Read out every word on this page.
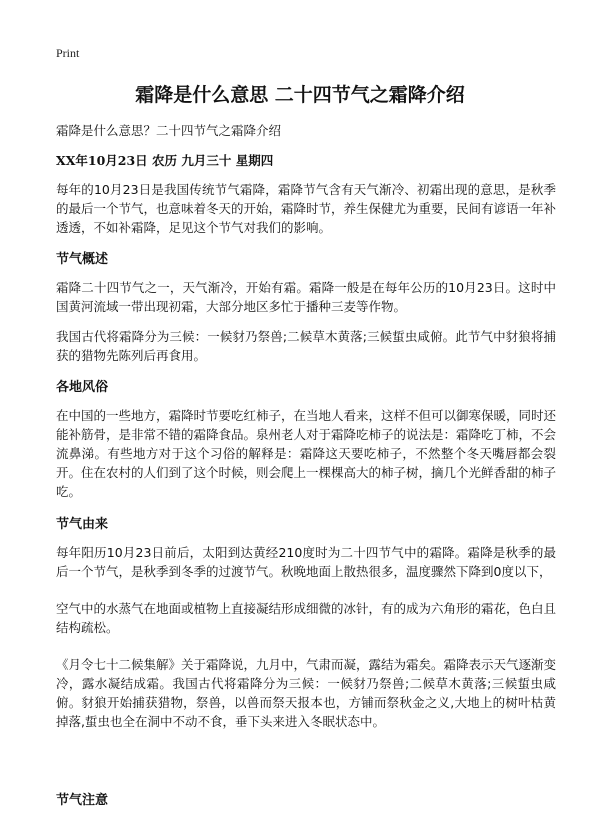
Print
霜降是什么意思 二十四节气之霜降介绍
霜降是什么意思？二十四节气之霜降介绍
XX年10月23日 农历 九月三十 星期四

每年的10月23日是我国传统节气霜降，霜降节气含有天气渐冷、初霜出现的意思，是秋季的最后一个节气，也意味着冬天的开始，霜降时节，养生保健尤为重要，民间有谚语一年补透透，不如补霜降，足见这个节气对我们的影响。

节气概述

霜降二十四节气之一，天气渐冷，开始有霜。霜降一般是在每年公历的10月23日。这时中国黄河流域一带出现初霜，大部分地区多忙于播种三麦等作物。

我国古代将霜降分为三候：一候豺乃祭兽;二候草木黄落;三候蜇虫咸俯。此节气中豺狼将捕获的猎物先陈列后再食用。

各地风俗

在中国的一些地方，霜降时节要吃红柿子，在当地人看来，这样不但可以御寒保暖，同时还能补筋骨，是非常不错的霜降食品。泉州老人对于霜降吃柿子的说法是：霜降吃丁柿，不会流鼻涕。有些地方对于这个习俗的解释是：霜降这天要吃柿子，不然整个冬天嘴唇都会裂开。住在农村的人们到了这个时候，则会爬上一棵棵高大的柿子树，摘几个光鲜香甜的柿子吃。

节气由来

每年阳历10月23日前后，太阳到达黄经210度时为二十四节气中的霜降。霜降是秋季的最后一个节气，是秋季到冬季的过渡节气。秋晚地面上散热很多，温度骤然下降到0度以下，

空气中的水蒸气在地面或植物上直接凝结形成细微的冰针，有的成为六角形的霜花，色白且结构疏松。

《月令七十二候集解》关于霜降说，九月中，气肃而凝，露结为霜矣。霜降表示天气逐渐变冷，露水凝结成霜。我国古代将霜降分为三候：一候豺乃祭兽;二候草木黄落;三候蜇虫咸俯。豺狼开始捕获猎物，祭兽，以兽而祭天报本也，方铺而祭秋金之义,大地上的树叶枯黄掉落,蜇虫也全在洞中不动不食，垂下头来进入冬眠状态中。

节气注意
